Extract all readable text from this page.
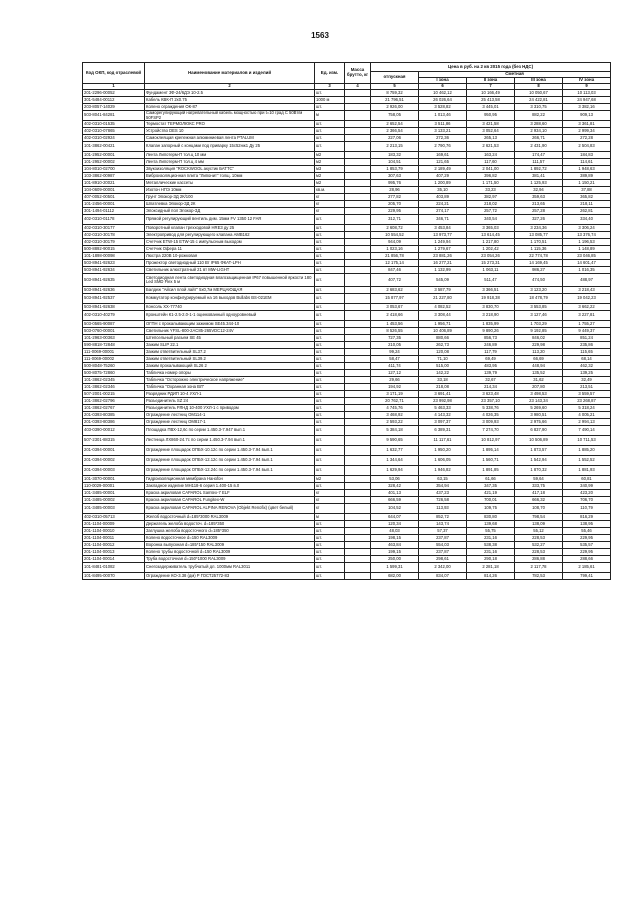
1563
Код ОКП, код отраслевой	Наименование материалов и изделий	Ед. изм.	Масса брутто, кг	Цена в руб. на 2 кв 2015 года (без НДС)				
				отпускная	Сметная			
					I зона	II зона	III зона	IV зона
1	2	3	4	5	6	7	8	9
201-2296-00052	Фундамент 3Ф-24/6ДЭ 10-2.5	шт.		8 759,32	10 462,12	10 166,49	10 050,67	10 113,03
301-5484-00112	Кабель КВК-П 2х0.75	1000 м		21 796,51	26 026,64	25 413,58	24 422,81	24 947,68
203-8057-14029	Колено ограждения ОК-87	шт.		2 926,00	3 528,82	3 445,01	3 310,75	3 382,16
503-8041-84281	Саморегулирующий нагревательный кабель мощностью при t=10 град С 50Вт/м 50FSP2	м		758,05	1 013,46	950,95	882,22	909,13
402-0310-01535	Термостат ТЕРМОЛЮКС PRO	шт.		2 652,54	3 511,86	3 421,58	3 288,60	3 361,81
402-0310-07865	Устройство DES 10	шт.		2 366,54	3 133,21	3 052,64	2 934,10	2 999,34
402-0310-02924	Самоклеящая крепежная алюминиевая лента PTALUM	шт.		227,06	272,36	265,13	266,71	272,28
101-3862-00421	Клапан запорный с концами под приварку 15с52нж1 Ду 25	шт.		2 213,15	2 790,76	2 621,53	2 431,90	2 504,83
101-2952-00001	Лента Липотерм-П тол.ц 10 мм	м2		183,32	169,61	163,24	174,47	184,83
101-2952-00002	Лента Липотерм-П тол.ц 4 мм	м2		104,51	121,65	117,60	111,57	114,61
104-8010-02700	Звукоизоляция "ROCKWOOL акустик БАТТС"	м3		1 853,79	2 189,49	2 041,00	1 892,72	1 948,63
103-3862-00987	Виброизоляционная плита "Липонит" толщ. 10мм	м2		307,63	407,29	396,82	381,41	389,89
101-8910-20021	Металлические кассеты	м2		995,76	1 200,89	1 171,50	1 125,93	1 150,21
104-0609-00001	Изотон НПЭ 10мм	кв.м.		28,96	35,10	33,23	32,94	37,88
407-0052-00501	Грунт Эпокор-ЗД 2К/100	кг		277,82	403,89	382,97	359,63	365,82
101-2456-00001	Шпатлевка Эпокор-ЗД 2К	кг		205,70	224,21	218,02	213,65	218,11
301-1494-01112	Эпоксидный пол Эпокор-ЗД	кг		229,95	274,17	257,72	257,28	262,81
402-0310-01178	Прямой регулирующий вентиль дим. 15мм FV 1350 12 FAR	шт.		312,71	346,71	340,54	327,26	334,40
402-0310-30177	Поворотный клапан трехходовой HRE3 ду 25	шт.		2 608,72	3 453,84	3 365,03	3 234,36	3 306,24
402-0310-30178	Электропривод для регулирующего клапана AMB162	шт.		10 554,52	13 973,77	13 614,45	13 085,77	13 376,74
402-0310-30179	Счетчик ETW-15 ETW-15 с импульсным выходом	шт.		944,09	1 249,94	1 217,80	1 170,51	1 196,53
500-8892-90015	Счетчик Офера 11	шт.		1 023,16	1 279,67	1 202,42	1 115,36	1 148,89
101-1898-00098	Люстра 220В 10-рожковая	шт.		21 856,78	23 881,26	23 054,26	22 774,78	23 046,85
503-8941-92623	Прожектор светодиодный 110 Вт IP65 ФКАТ-LPH	шт.		12 175,14	16 277,21	15 273,31	14 169,45	14 601,47
503-8941-92634	Светильник алюстратный 21 вт MW-LIGHT	шт.		847,46	1 132,99	1 063,11	986,27	1 016,35
503-8941-92635	Светодиодная лента светодиодная влагозащищенная IP67 повышенной яркости 180 Led SMD Flex 5 м	шт.		407,72	545,09	511,47	474,50	488,97
503-8941-92636	Балдеж "Айсил плой лайт" 5х0,7м МЕРЦАЮЩАЯ	шт.		2 683,62	3 587,79	3 366,51	3 123,20	3 218,43
503-8941-92537	Коммутатор конфигурируемый на 16 выходов Bullabs BS-021ЕМ	шт.		15 877,97	21 227,80	19 918,38	18 478,79	19 042,23
503-8941-92638	Консоль XX-77740	шт.		3 053,67	4 082,52	3 830,70	3 553,85	3 662,22
402-0310-40279	Кронштейн К1-2.5-2.0-1-1 оцинкованный одноуровневый	шт.		2 418,66	3 308,44	3 218,90	3 127,46	3 227,81
503-0565-90087	ОГПН с прокалывающим зажимом SE45.344-10	шт.		1 453,56	1 956,71	1 835,99	1 703,29	1 755,27
503-0760-00001	Светильник YFSL-800-2AC85-265VDC12-24V	шт.		8 526,55	10 406,89	9 890,26	9 192,85	9 449,37
101-2963-00363	Штепсельный разъем SE 45	шт.		727,35	880,66	856,73	846,02	851,24
590-8818-72848	Зажим SLIP 22.1	шт.		210,05	262,73	246,89	229,98	235,86
111-0069-00001	Зажим ответвительный SL37.2	шт.		99,24	120,08	117,79	113,20	115,65
111-0069-00002	Зажим ответвительный SL39.2	шт.		58,47	71,10	69,49	66,69	68,14
500-8048-75260	Зажим прокалывающий SL26 2	шт.		411,74	515,00	483,95	448,94	462,32
500-8075-72860	Табличка номер опоры	шт.		127,12	142,22	139,79	135,52	139,25
101-3862-02345	Табличка "Осторожно электрическое напряжение"	шт.		29,66	33,18	32,67	31,62	32,49
101-3862-02346	Табличка "Охранная зона ВЛ"	шт.		194,92	218,08	214,34	207,80	213,51
507-2001-00215	Разрядник РДИП 10-4 УХЛ-1	шт.		3 171,19	3 691,41	3 623,48	3 498,53	3 559,57
101-3862-02796	Разъединитель SZ 24	шт.		20 762,71	23 992,98	23 357,10	23 143,34	23 268,87
101-3862-02767	Разъединитель РЛНД 10-400 УХЛ-1 с приводом	шт.		4 745,76	5 463,33	5 338,76	5 269,60	5 318,24
201-0393-80385	Ограждение лестниц ОМ114-1	шт.		3 468,92	4 143,32	4 026,35	3 980,51	4 005,21
201-0393-80386	Ограждение лестниц ОМ817-1	шт.		2 593,22	3 097,37	3 009,93	2 975,66	2 994,13
403-0390-00012	Площадка ПВХ-12,6с по серии 1.450.3-7.947 вып.1	шт.		5 384,18	6 389,31	7 274,70	6 837,90	7 490,14
507-2301-88315	Лестница ЛХ860-24.7с по серии 1.450.3-7.94 вып.1	шт.		9 590,65	11 117,61	10 812,97	10 506,89	10 711,53
201-0394-00001	Ограждение площадок ОПБХ-10.12с по серии 1.450.3-7.94 вып.1	шт.		1 632,77	1 950,20	1 895,14	1 873,57	1 885,20
201-0394-00002	Ограждение площадок ОПБХ-12.12с по серии 1.450.3-7.94 вып.1	шт.		1 344,64	1 606,05	1 560,71	1 542,94	1 552,52
201-0394-00003	Ограждение площадок ОПБХ-12.24с по серии 1.450.3-7.94 вып.1	шт.		1 629,94	1 946,82	1 891,85	1 870,32	1 881,93
101-3070-00001	Гидроизоляционная мембрана Наноfон	м2		53,06	63,15	61,66	59,64	60,81
110-0029-00001	Закладное изделие МН118-6 серия 1.400-15 в.0	шт.		328,42	354,94	347,35	333,75	340,99
101-3485-00001	Краска акриловая CAPAROL Samtex-7 ELF	кг		401,13	437,23	421,19	417,18	423,20
101-3485-00002	Краска акриловая CAPAROL Fungitex-W	кг		666,59	726,58	700,01	666,32	706,70
101-3485-00003	Краска акриловая CAPAROL ALPINA RENOVA (Objekt Renofix) (цвет белый)	кг		104,52	113,93	109,75	108,70	110,79
402-0310-05713	Желоб водосточный d=185*3000 RAL3009	м		644,07	852,72	830,80	798,54	816,29
201-1104-00009	Держатель желоба водосточ. d=185*350	шт.		120,34	143,74	139,68	138,09	138,95
201-1104-00010	Заглушка желоба водосточного d=185*350	шт.		48,03	57,37	55,75	55,12	55,46
201-1104-00011	Колено водосточное d=150 RAL3009	шт.		198,15	237,87	231,16	228,53	229,95
201-1104-00012	Воронка выпускная d=185*150 RAL3009	шт.		463,84	554,03	538,38	532,27	535,57
201-1104-00013	Колено трубы водосточной d=150 RAL3009	шт.		199,15	237,87	231,16	228,53	229,95
201-1104-00014	Труба водосточная d=150*1000 RAL3009	шт.		250,00	298,61	290,18	286,88	288,66
101-8481-01082	Снегозадерживатель трубчатый дл. 1000мм RAL3011	шт.		1 599,31	2 342,00	2 281,18	2 117,78	2 185,61
101-8495-00070	Ограждение КО-3.38 (дм) Р ГОСТ25772-83	шт.		682,00	834,07	814,26	782,53	799,41
